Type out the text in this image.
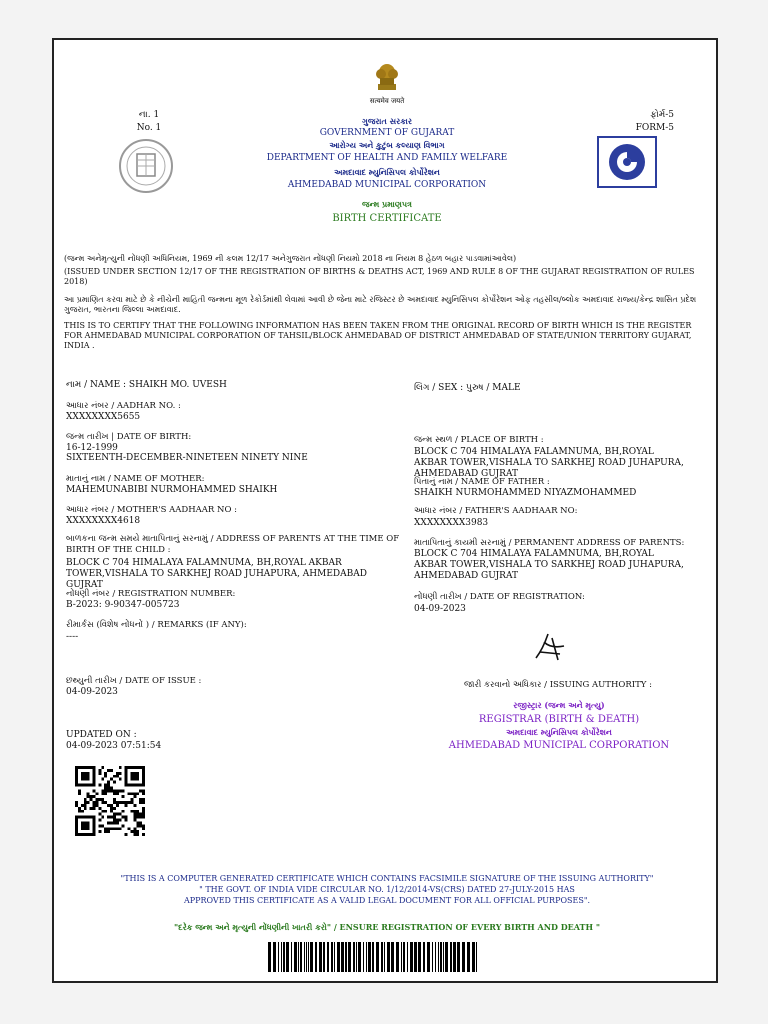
सत्यमेव जयते
ના. 1
No. 1
ફોર્મ-5
FORM-5
ગુજરાત સરકાર
GOVERNMENT OF GUJARAT
આરોગ્ય અને કુટુંબ કલ્યાણ વિભાગ
DEPARTMENT OF HEALTH AND FAMILY WELFARE
અમદાવાદ મ્યુનિસિપલ કોર્પોરેશન
AHMEDABAD MUNICIPAL CORPORATION
જન્મ પ્રમાણપત્ર
BIRTH CERTIFICATE
(જન્મ અનેમૃત્યુની નોંધણી અધિનિયમ, 1969 ની કલમ 12/17 અનેગુજરાત નોંધણી નિયમો 2018 ના નિયમ 8 હેઠળ બહાર પાડવામાંઆવેલ)
(ISSUED UNDER SECTION 12/17 OF THE REGISTRATION OF BIRTHS & DEATHS ACT, 1969 AND RULE 8 OF THE GUJARAT REGISTRATION OF RULES 2018)
આ પ્રમાણિત કરવા માટે છે કે નીચેની માહિતી જન્મના મૂળ રેકોર્ડમાંથી લેવામાં આવી છે જેના માટે રજિસ્ટર છે અમદાવાદ મ્યુનિસિપલ કોર્પોરેશન ઓફ તહસીલ/બ્લોક અમદાવાદ રાજ્ય/કેન્દ્ર શાસિત પ્રદેશ ગુજરાત, ભારતના જિલ્લા અમદાવાદ.
THIS IS TO CERTIFY THAT THE FOLLOWING INFORMATION HAS BEEN TAKEN FROM THE ORIGINAL RECORD OF BIRTH WHICH IS THE REGISTER FOR AHMEDABAD MUNICIPAL CORPORATION OF TAHSIL/BLOCK AHMEDABAD OF DISTRICT AHMEDABAD OF STATE/UNION TERRITORY GUJARAT, INDIA .
નામ / NAME : SHAIKH MO. UVESH
આધાર નંબર / AADHAR NO. :
XXXXXXXX5655
જન્મ તારીખ | DATE OF BIRTH:
16-12-1999
SIXTEENTH-DECEMBER-NINETEEN NINETY NINE
માતાનું નામ / NAME OF MOTHER:
MAHEMUNABIBI NURMOHAMMED SHAIKH
આધાર નંબર / MOTHER'S AADHAAR NO :
XXXXXXXX4618
બાળકના જન્મ સમયે માતાપિતાનું સરનામું / ADDRESS OF PARENTS AT THE TIME OF BIRTH OF THE CHILD :
BLOCK C 704 HIMALAYA FALAMNUMA, BH,ROYAL AKBAR TOWER,VISHALA TO SARKHEJ ROAD JUHAPURA, AHMEDABAD GUJRAT
નોંધણી નંબર / REGISTRATION NUMBER:
B-2023: 9-90347-005723
રીમાર્કસ (વિશેષ નોંધનોં ) / REMARKS (IF ANY):
----
છથ્યુની તારીખ / DATE OF ISSUE :
04-09-2023
UPDATED ON :
04-09-2023 07:51:54
લિંગ / SEX : પુરુષ / MALE
જન્મ સ્થળ / PLACE OF BIRTH :
BLOCK C 704 HIMALAYA FALAMNUMA, BH,ROYAL AKBAR TOWER,VISHALA TO SARKHEJ ROAD JUHAPURA, AHMEDABAD GUJRAT
પિતાનું નામ / NAME OF FATHER :
SHAIKH NURMOHAMMED NIYAZMOHAMMED
આધાર નંબર / FATHER'S AADHAAR NO:
XXXXXXXX3983
માતાપિતાનું કાયમી સરનામું / PERMANENT ADDRESS OF PARENTS:
BLOCK C 704 HIMALAYA FALAMNUMA, BH,ROYAL AKBAR TOWER,VISHALA TO SARKHEJ ROAD JUHAPURA, AHMEDABAD GUJRAT
નોંધણી તારીખ / DATE OF REGISTRATION:
04-09-2023
જારી કરવાનો અધિકાર / ISSUING AUTHORITY :
રજીસ્ટ્રાર (જન્મ અને મૃત્યુ)
REGISTRAR (BIRTH & DEATH)
અમદાવાદ મ્યુનિસિપલ કોર્પોરેશન
AHMEDABAD MUNICIPAL CORPORATION
"THIS IS A COMPUTER GENERATED CERTIFICATE WHICH CONTAINS FACSIMILE SIGNATURE OF THE ISSUING AUTHORITY"
" THE GOVT. OF INDIA VIDE CIRCULAR NO. 1/12/2014-VS(CRS) DATED 27-JULY-2015 HAS
APPROVED THIS CERTIFICATE AS A VALID LEGAL DOCUMENT FOR ALL OFFICIAL PURPOSES".
"દરેક જન્મ અને મૃત્યુની નોંધણીની ખાતરી કરો" / ENSURE REGISTRATION OF EVERY BIRTH AND DEATH "
